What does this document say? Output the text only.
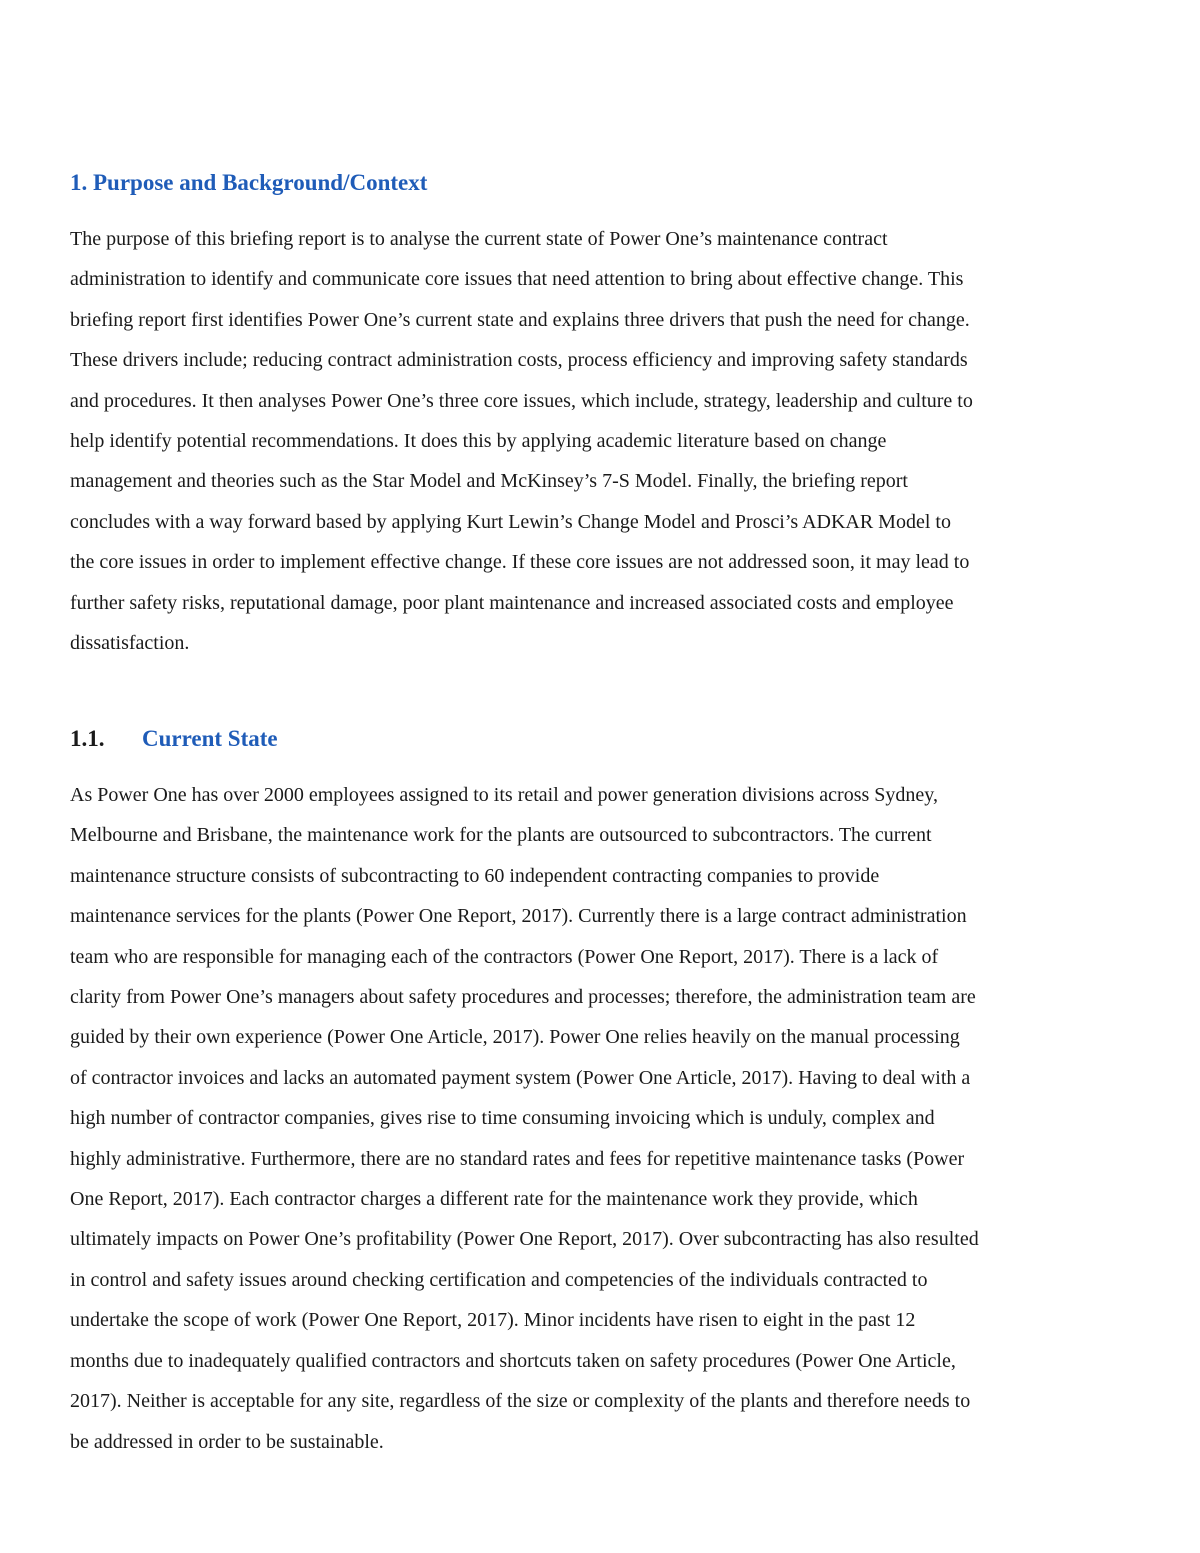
1. Purpose and Background/Context

The purpose of this briefing report is to analyse the current state of Power One’s maintenance contract
administration to identify and communicate core issues that need attention to bring about effective change. This
briefing report first identifies Power One’s current state and explains three drivers that push the need for change.
These drivers include; reducing contract administration costs, process efficiency and improving safety standards
and procedures. It then analyses Power One’s three core issues, which include, strategy, leadership and culture to
help identify potential recommendations. It does this by applying academic literature based on change
management and theories such as the Star Model and McKinsey’s 7-S Model. Finally, the briefing report
concludes with a way forward based by applying Kurt Lewin’s Change Model and Prosci’s ADKAR Model to
the core issues in order to implement effective change. If these core issues are not addressed soon, it may lead to
further safety risks, reputational damage, poor plant maintenance and increased associated costs and employee
dissatisfaction.

1.1.	Current State

As Power One has over 2000 employees assigned to its retail and power generation divisions across Sydney,
Melbourne and Brisbane, the maintenance work for the plants are outsourced to subcontractors. The current
maintenance structure consists of subcontracting to 60 independent contracting companies to provide
maintenance services for the plants (Power One Report, 2017). Currently there is a large contract administration
team who are responsible for managing each of the contractors (Power One Report, 2017). There is a lack of
clarity from Power One’s managers about safety procedures and processes; therefore, the administration team are
guided by their own experience (Power One Article, 2017). Power One relies heavily on the manual processing
of contractor invoices and lacks an automated payment system (Power One Article, 2017). Having to deal with a
high number of contractor companies, gives rise to time consuming invoicing which is unduly, complex and
highly administrative. Furthermore, there are no standard rates and fees for repetitive maintenance tasks (Power
One Report, 2017). Each contractor charges a different rate for the maintenance work they provide, which
ultimately impacts on Power One’s profitability (Power One Report, 2017). Over subcontracting has also resulted
in control and safety issues around checking certification and competencies of the individuals contracted to
undertake the scope of work (Power One Report, 2017). Minor incidents have risen to eight in the past 12
months due to inadequately qualified contractors and shortcuts taken on safety procedures (Power One Article,
2017). Neither is acceptable for any site, regardless of the size or complexity of the plants and therefore needs to
be addressed in order to be sustainable.
